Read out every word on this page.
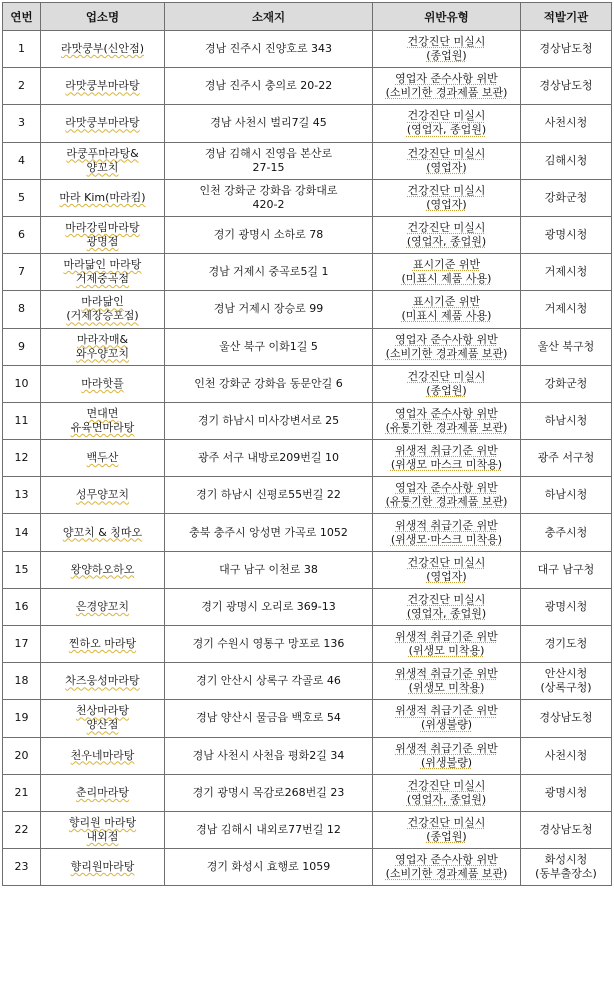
연번	업소명	소재지	위반유형	적발기관
1	라맛쿵부(신안점)	경남 진주시 진양호로 343	건강진단 미실시
(종업원)	경상남도청
2	라맛쿵부마라탕	경남 진주시 충의로 20-22	영업자 준수사항 위반
(소비기한 경과제품 보관)	경상남도청
3	라맛쿵부마라탕	경남 사천시 벌리7길 45	건강진단 미실시
(영업자, 종업원)	사천시청
4	라쿵푸마라탕&
양꼬치	경남 김해시 진영읍 본산로
27-15	건강진단 미실시
(영업자)	김해시청
5	마라 Kim(마라킴)	인천 강화군 강화읍 강화대로
420-2	건강진단 미실시
(영업자)	강화군청
6	마라강림마라탕
광명점	경기 광명시 소하로 78	건강진단 미실시
(영업자, 종업원)	광명시청
7	마라닮인 마라탕
거제중곡점	경남 거제시 중곡로5길 1	표시기준 위반
(미표시 제품 사용)	거제시청
8	마라닮인
(거제장승포점)	경남 거제시 장승로 99	표시기준 위반
(미표시 제품 사용)	거제시청
9	마라자매&
와우양꼬치	울산 북구 이화1길 5	영업자 준수사항 위반
(소비기한 경과제품 보관)	울산 북구청
10	마라핫플	인천 강화군 강화읍 동문안길 6	건강진단 미실시
(종업원)	강화군청
11	면대면
유육면마라탕	경기 하남시 미사강변서로 25	영업자 준수사항 위반
(유통기한 경과제품 보관)	하남시청
12	백두산	광주 서구 내방로209번길 10	위생적 취급기준 위반
(위생모 마스크 미착용)	광주 서구청
13	성무양꼬치	경기 하남시 신평로55번길 22	영업자 준수사항 위반
(유통기한 경과제품 보관)	하남시청
14	양꼬치 & 칭따오	충북 충주시 앙성면 가곡로 1052	위생적 취급기준 위반
(위생모·마스크 미착용)	충주시청
15	왕양하오하오	대구 남구 이천로 38	건강진단 미실시
(영업자)	대구 남구청
16	은경양꼬치	경기 광명시 오리로 369-13	건강진단 미실시
(영업자, 종업원)	광명시청
17	찐하오 마라탕	경기 수원시 영통구 망포로 136	위생적 취급기준 위반
(위생모 미착용)	경기도청
18	차즈웅성마라탕	경기 안산시 상록구 각골로 46	위생적 취급기준 위반
(위생모 미착용)	안산시청
(상록구청)
19	천상마라탕
양산점	경남 양산시 물금읍 백호로 54	위생적 취급기준 위반
(위생불량)	경상남도청
20	천우네마라탕	경남 사천시 사천읍 평화2길 34	위생적 취급기준 위반
(위생불량)	사천시청
21	춘리마라탕	경기 광명시 목감로268번길 23	건강진단 미실시
(영업자, 종업원)	광명시청
22	향리원 마라탕
내외점	경남 김해시 내외로77번길 12	건강진단 미실시
(종업원)	경상남도청
23	향리원마라탕	경기 화성시 효행로 1059	영업자 준수사항 위반
(소비기한 경과제품 보관)	화성시청
(동부출장소)
